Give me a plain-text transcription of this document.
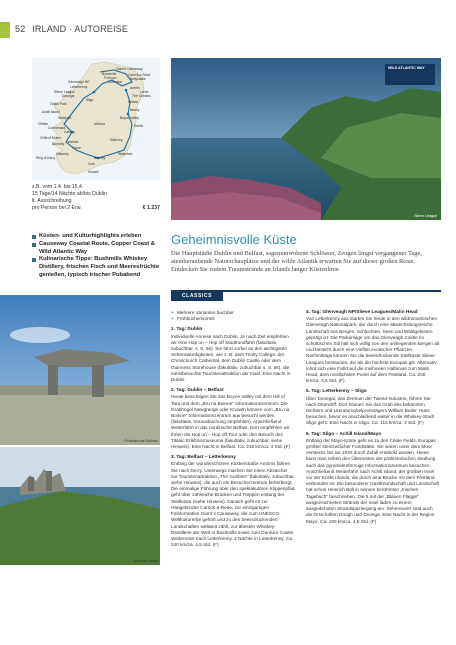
52 IRLAND · AUTOREISE
Giant's Causeway
Bushmills
Portrush
Coleraine
Glenveagh NP
Letterkenny	Antrim
Carrick-a-Rede
Slieve League
Ballycastle
Donegal
Larne
The Gobbins
Belfast
Sligo
Ödale Park
Newry
Achill Island
Westport	Boyne Valley
Clifden
Connemara
Galway
Dublin
Cliffs of Moher
Athlone
Adare
Bunratty Limerick	Kilkenny
Ring of Kerry
Cork
Killarney	Waterford
Kinsale
Blarney
z.B. vom 1.4. bis 15.4.
15 Tage/14 Nächte ab/bis Dublin
lt. Ausschreibung
pro Person bei 2 Erw.	€ 1.237
Küsten- und Kulturhighlights erleben
Causeway Coastal Route, Copper Coast & Wild Atlantic Way
Kulinarische Tipps: Bushmills Whiskey Distillery, frischen Fisch und Meeresfrüchte genießen, typisch irischer Pubabend
WILD ATLANTIC WAY
Slieve League
Geheimnisvolle Küste
Die Hauptstädte Dublin und Belfast, sagenumwobene Schlösser, Zeugen längst vergangener Tage, atemberaubende Naturschauplätze und der wilde Atlantik erwarten Sie auf dieser großen Reise. Entdecken Sie zudem Traumstrände an Irlands langer Küstenlinie.
CLASSICS
Poulnabrone Dolmen
Dunluce Castle
+ Mehrere Varianten buchbar
+ Frühbucherivorteil
1. Tag: Dublin

Individuelle Anreise nach Dublin. Je nach Zeit empfehlen wir eine Hop on – Hop off Stadtrundfahrt (fakultativ, zubuchbar, s. S. 56). Sie führt vorbei an den wichtigsten Sehenswürdigkeiten, wie z. B. dem Trinity College, der Christchurch Cathedral, dem Dublin Castle oder dem Guinness Storehouse (fakultativ, zubuchbar s. S. 56), die meistbesuchte Touristenattraktion der Insel. Eine Nacht in Dublin.

2. Tag: Dublin – Belfast

Heute besichtigen Sie das Boyne Valley mit dem Hill of Tara und dem „Bru na Boinne" Informationszentrum. Die Grabhügel Newgrange oder Knowth können vom „Bru na Boinne" Informationszentrum aus besucht werden (fakultativ, Vorausbuchung empfohlen). Anschließend Weiterfahrt in das nordirische Belfast. Dort empfehlen wir Ihnen die Hop on – Hop off Tour oder den Besuch des Titanic Erlebnismuseums (fakultativ, zubuchbar, siehe Hinweis). Eine Nacht in Belfast. Ca. 215 km/ca. 4 Std. (F)

3. Tag: Belfast – Letterkenny

Entlang der wunderschönen Küstenstraße Antrims fahren Sie nach Derry. Unterwegs machen Sie einen Abstecher zur Touristenattraktion „The Gobbins" (fakultativ, zubuchbar, siehe Hinweis), die auch ein Besucherzentrum beherbergt. Die einmalige Führung über den spektakulären Klippenpfad geht über zahlreiche Brücken und Treppen entlang der Steilküste (siehe Hinweis). Danach geht es zur Hängebrücke Carrick-a-Rede, zur einzigartigen Felsformation Giant´s Causeway, die zum UNESCO-Weltkulturerbe gehört und zu den beeindruckenden Landschaften weltweit zählt, zur ältesten Whiskey-Destillerie der Welt in Bushmills sowie zum Dunluce Castle. Weiterreise nach Letterkenny. 2 Nächte in Letterkenny. Ca. 240 km/ca. 4,5 Std. (F)

4. Tag: Glenveagh NP/Slieve Leagues/Malin Head

Von Letterkenny aus starten Sie heute in den wildromantischen Glenveagh Nationalpark, der durch eine abwechslungsreiche Landschaft aus Bergen, Schluchten, Seen und Waldgebieten geprägt ist. Die Parkanlage um das Glenveagh Castle im schottischen Stil hält sich völlig von den umliegenden Bergen ab und besticht durch eine Vielfalt exotischer Pflanzen. Nachmittags können Sie die beeindruckende Steilküste Slieve Leagues bestaunen, die als die höchste Europas gilt. Alternativ lohnt sich eine Fahrt auf die Inishowen Halbinsel zum Malin Head, dem nördlichsten Punkt auf dem Festland. Ca. 200 km/ca. 4,5 Std. (F)

5. Tag: Letterkenny – Sligo

Über Donegal, das Zentrum der Tweed-Industrie, fahren Sie nach Drumcliff. Dort können Sie das Grab des bekannten Dichters und Literaturnobelpreisträgers William Butler Yeats besuchen, bevor es anschließend weiter in die Whiskey-Stadt Sligo geht. Eine Nacht in Sligo. Ca. 115 km/ca. 2 Std. (F)

6. Tag: Sligo – Achill Island/Mayo

Entlang der Mayo-Küste geht es zu den Céide Fields, Europas größter steinzeitlicher Fundstätte. Sie waren unter dem Moor versteckt, bis sie 1930 durch Zufall entdeckt wurden. Heute kann man neben den Überresten der prähistorischen Siedlung auch das pyramidenförmige Informationszentrum besuchen. Anschließend Weiterfahrt nach Achill Island, der größten Insel vor der Küste Irlands, die durch eine Brücke mit dem Festland verbunden ist. Die besonderer Gastfreundschaft und Landschaft hat schon Heinrich Böll in seinem berühmten „Irischen Tagebuch" beschrieben. Die 5 mit der „Blauen Flagge" ausgezeichneten Strände der Insel laden zu einem ausgedehnten Strandspaziergang ein. Sehenswert sind auch die Ortschaften Doogh und Dooega. Eine Nacht in der Region Mayo. Ca. 190 km/ca. 4,5 Std. (F)
